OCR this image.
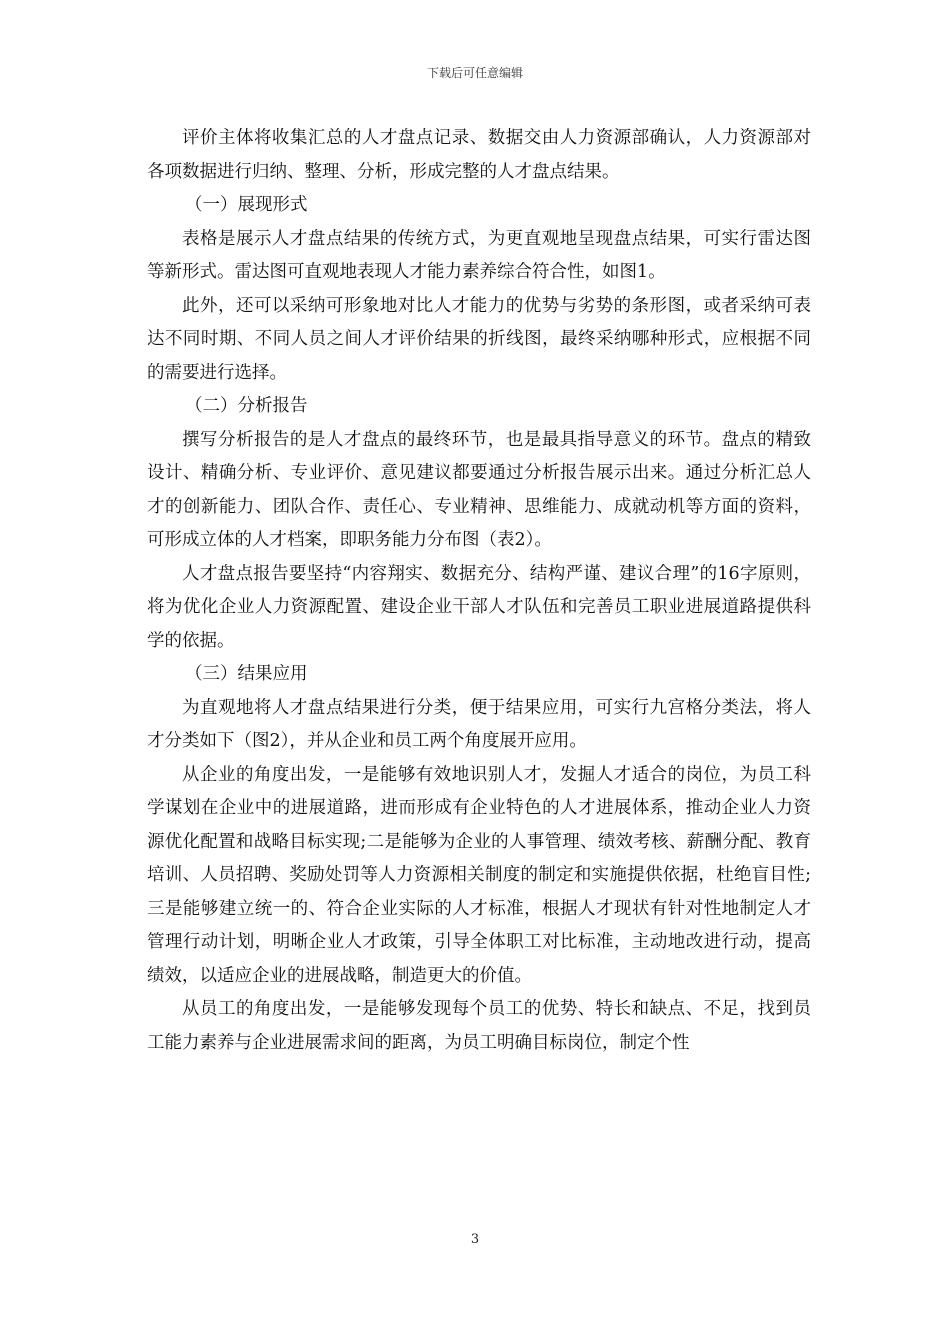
下载后可任意编辑

评价主体将收集汇总的人才盘点记录、数据交由人力资源部确认，人力资源部对各项数据进行归纳、整理、分析，形成完整的人才盘点结果。

（一）展现形式

表格是展示人才盘点结果的传统方式，为更直观地呈现盘点结果，可实行雷达图等新形式。雷达图可直观地表现人才能力素养综合符合性，如图1。

此外，还可以采纳可形象地对比人才能力的优势与劣势的条形图，或者采纳可表达不同时期、不同人员之间人才评价结果的折线图，最终采纳哪种形式，应根据不同的需要进行选择。

（二）分析报告

撰写分析报告的是人才盘点的最终环节，也是最具指导意义的环节。盘点的精致设计、精确分析、专业评价、意见建议都要通过分析报告展示出来。通过分析汇总人才的创新能力、团队合作、责任心、专业精神、思维能力、成就动机等方面的资料，可形成立体的人才档案，即职务能力分布图（表2）。

人才盘点报告要坚持“内容翔实、数据充分、结构严谨、建议合理”的16字原则，将为优化企业人力资源配置、建设企业干部人才队伍和完善员工职业进展道路提供科学的依据。

（三）结果应用

为直观地将人才盘点结果进行分类，便于结果应用，可实行九宫格分类法，将人才分类如下（图2），并从企业和员工两个角度展开应用。

从企业的角度出发，一是能够有效地识别人才，发掘人才适合的岗位，为员工科学谋划在企业中的进展道路，进而形成有企业特色的人才进展体系，推动企业人力资源优化配置和战略目标实现;二是能够为企业的人事管理、绩效考核、薪酬分配、教育培训、人员招聘、奖励处罚等人力资源相关制度的制定和实施提供依据，杜绝盲目性;三是能够建立统一的、符合企业实际的人才标准，根据人才现状有针对性地制定人才管理行动计划，明晰企业人才政策，引导全体职工对比标准，主动地改进行动，提高绩效，以适应企业的进展战略，制造更大的价值。

从员工的角度出发，一是能够发现每个员工的优势、特长和缺点、不足，找到员工能力素养与企业进展需求间的距离，为员工明确目标岗位，制定个性

3
